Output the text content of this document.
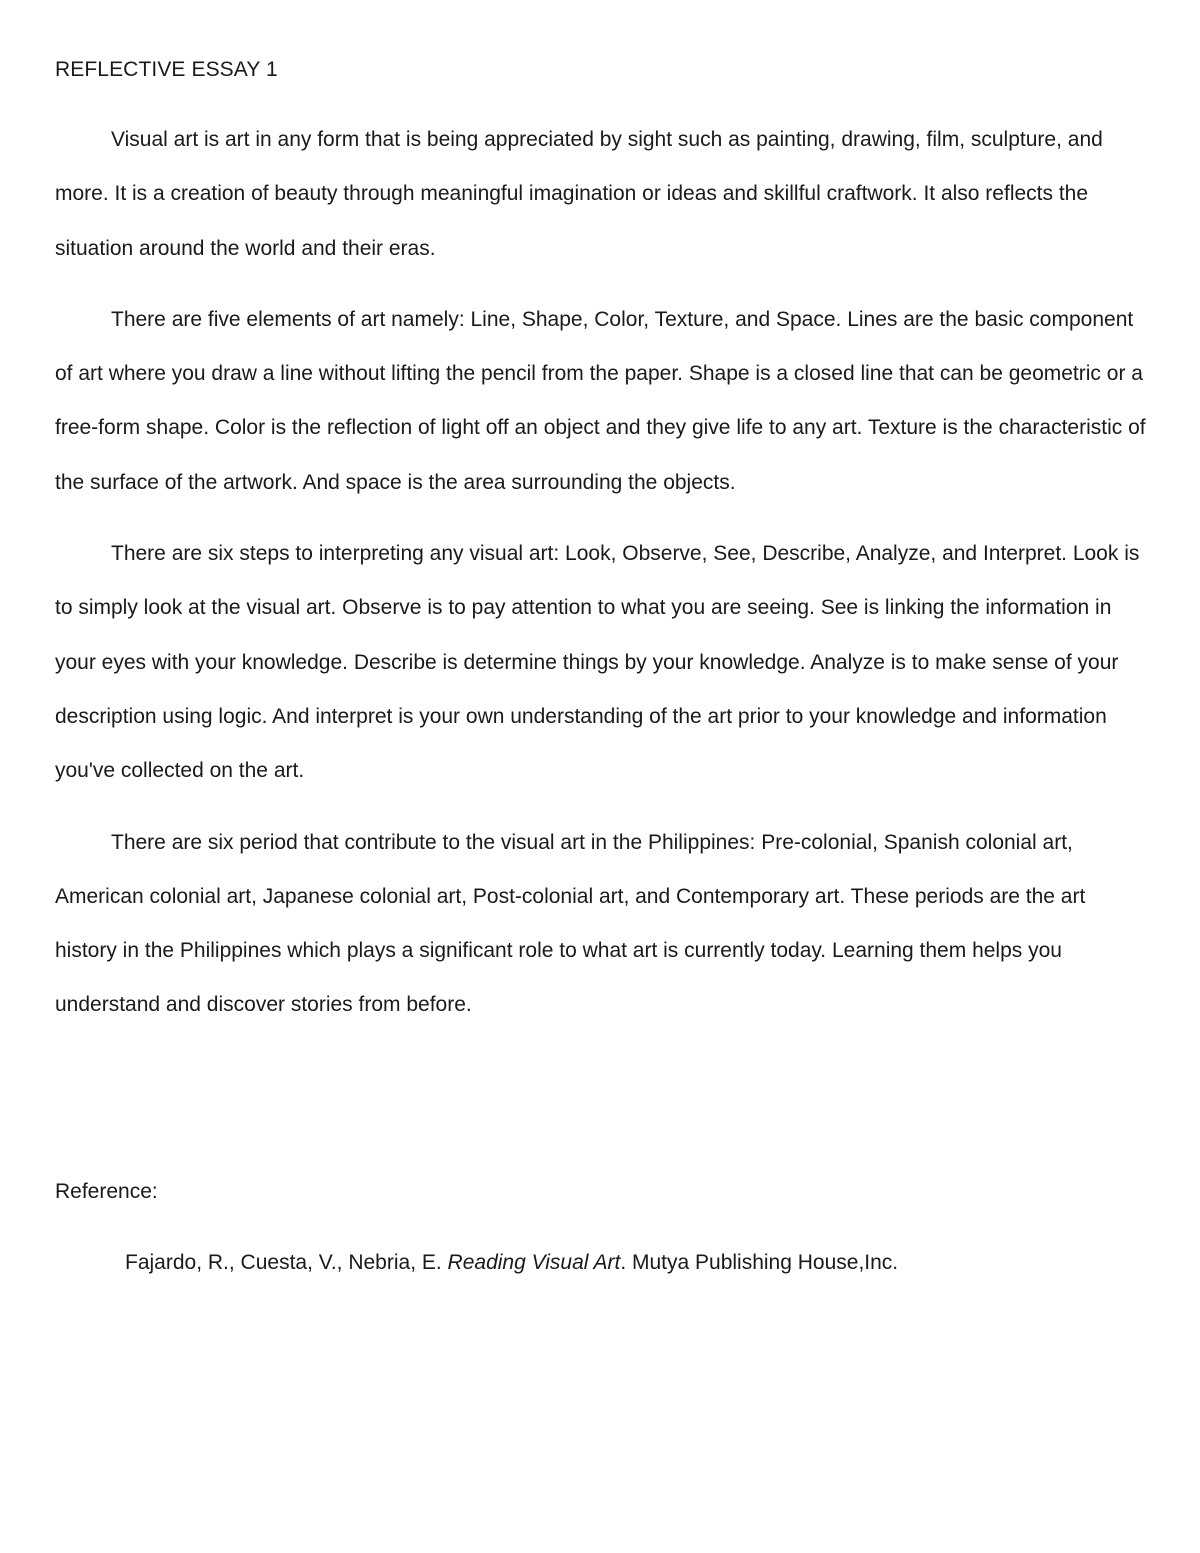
REFLECTIVE ESSAY 1

Visual art is art in any form that is being appreciated by sight such as painting, drawing, film, sculpture, and more. It is a creation of beauty through meaningful imagination or ideas and skillful craftwork. It also reflects the situation around the world and their eras.

There are five elements of art namely: Line, Shape, Color, Texture, and Space. Lines are the basic component of art where you draw a line without lifting the pencil from the paper. Shape is a closed line that can be geometric or a free-form shape. Color is the reflection of light off an object and they give life to any art. Texture is the characteristic of the surface of the artwork. And space is the area surrounding the objects.

There are six steps to interpreting any visual art: Look, Observe, See, Describe, Analyze, and Interpret. Look is to simply look at the visual art. Observe is to pay attention to what you are seeing. See is linking the information in your eyes with your knowledge. Describe is determine things by your knowledge. Analyze is to make sense of your description using logic. And interpret is your own understanding of the art prior to your knowledge and information you've collected on the art.

There are six period that contribute to the visual art in the Philippines: Pre-colonial, Spanish colonial art, American colonial art, Japanese colonial art, Post-colonial art, and Contemporary art. These periods are the art history in the Philippines which plays a significant role to what art is currently today. Learning them helps you understand and discover stories from before.

Reference:

Fajardo, R., Cuesta, V., Nebria, E. Reading Visual Art. Mutya Publishing House,Inc.
